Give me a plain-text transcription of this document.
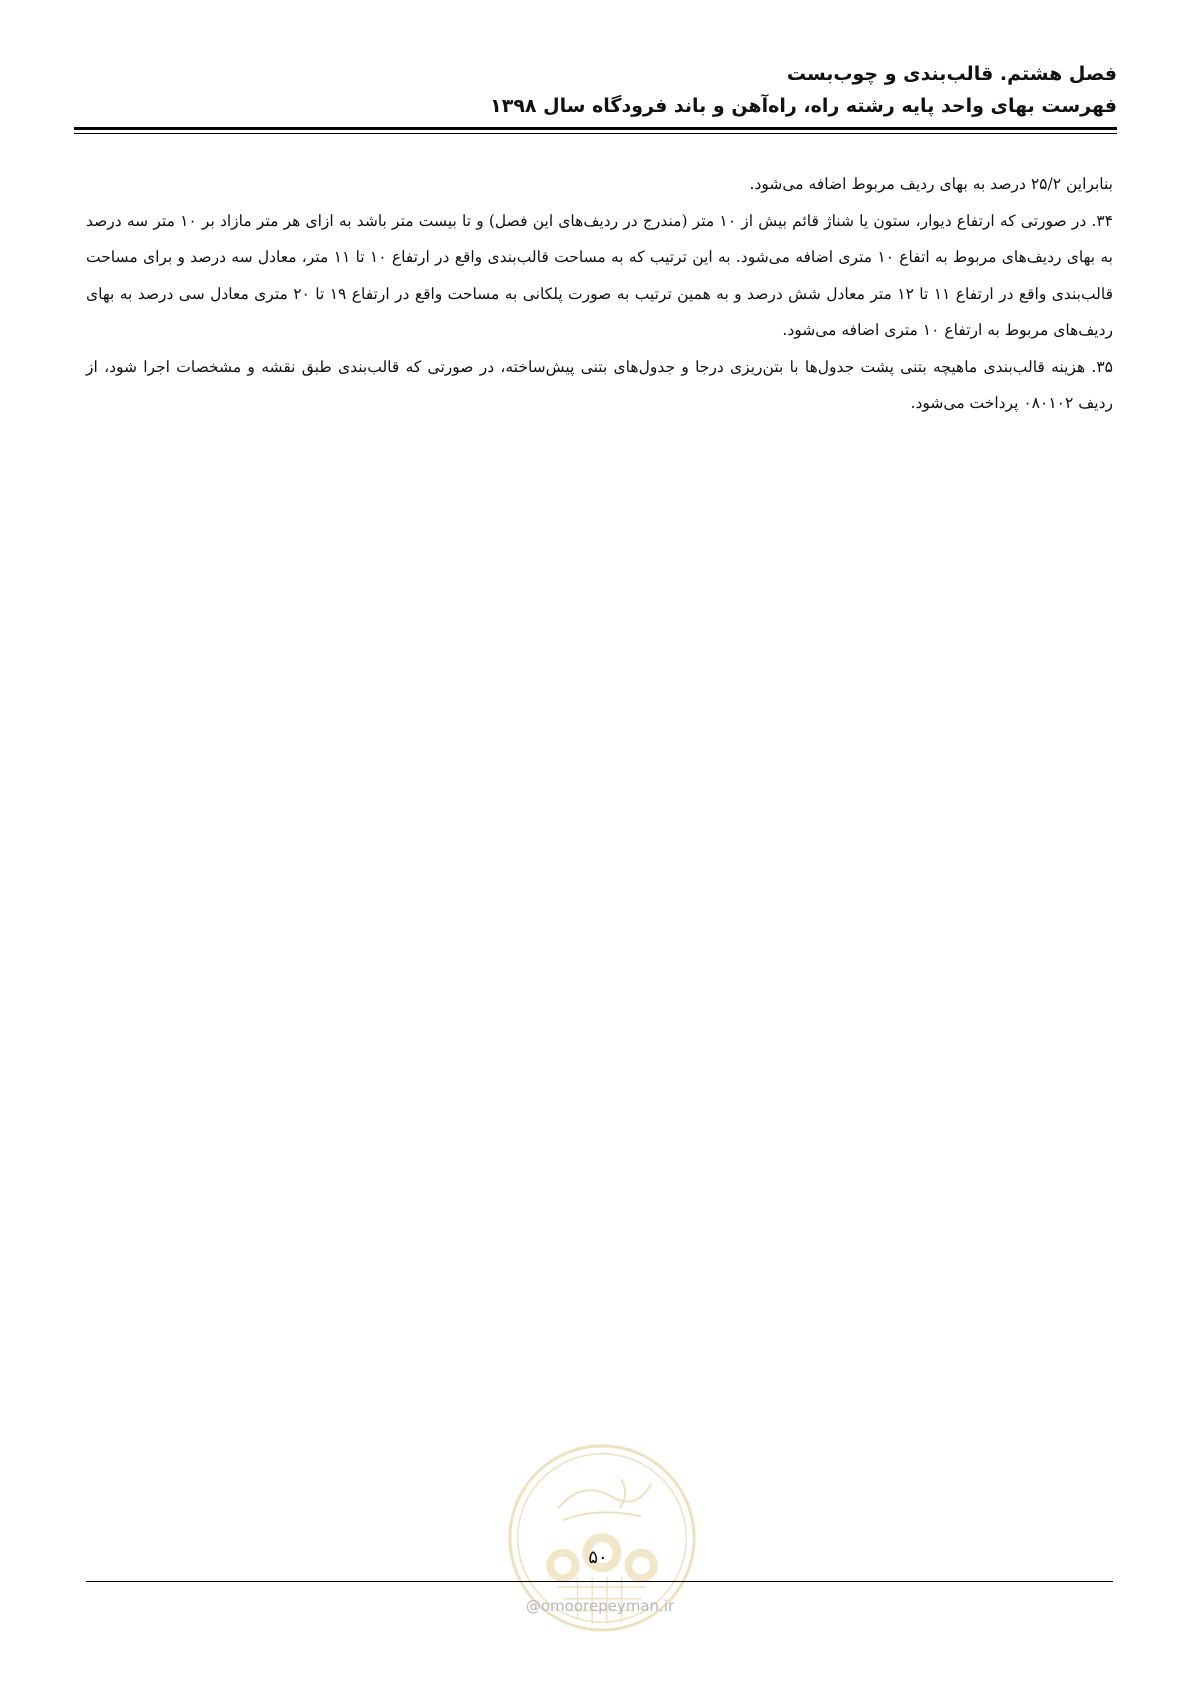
فصل هشتم. قالب‌بندی و چوب‌بست
فهرست بهای واحد پایه رشته راه، راه‌آهن و باند فرودگاه سال ۱۳۹۸

بنابراین ۲۵/۲ درصد به بهای ردیف مربوط اضافه می‌شود.

۳۴. در صورتی که ارتفاع دیوار، ستون یا شناژ قائم بیش از ۱۰ متر (مندرج در ردیف‌های این فصل) و تا بیست متر باشد به ازای هر متر مازاد بر ۱۰ متر سه درصد به بهای ردیف‌های مربوط به اتفاع ۱۰ متری اضافه می‌شود. به این ترتیب که به مساحت قالب‌بندی واقع در ارتفاع ۱۰ تا ۱۱ متر، معادل سه درصد و برای مساحت قالب‌بندی واقع در ارتفاع ۱۱ تا ۱۲ متر معادل شش درصد و به همین ترتیب به صورت پلکانی به مساحت واقع در ارتفاع ۱۹ تا ۲۰ متری معادل سی درصد به بهای ردیف‌های مربوط به ارتفاع ۱۰ متری اضافه می‌شود.

۳۵. هزینه قالب‌بندی ماهیچه بتنی پشت جدول‌ها با بتن‌ریزی درجا و جدول‌های بتنی پیش‌ساخته، در صورتی که قالب‌بندی طبق نقشه و مشخصات اجرا شود، از ردیف ۰۸۰۱۰۲ پرداخت می‌شود.

۵۰
@omoorepeyman.ir
